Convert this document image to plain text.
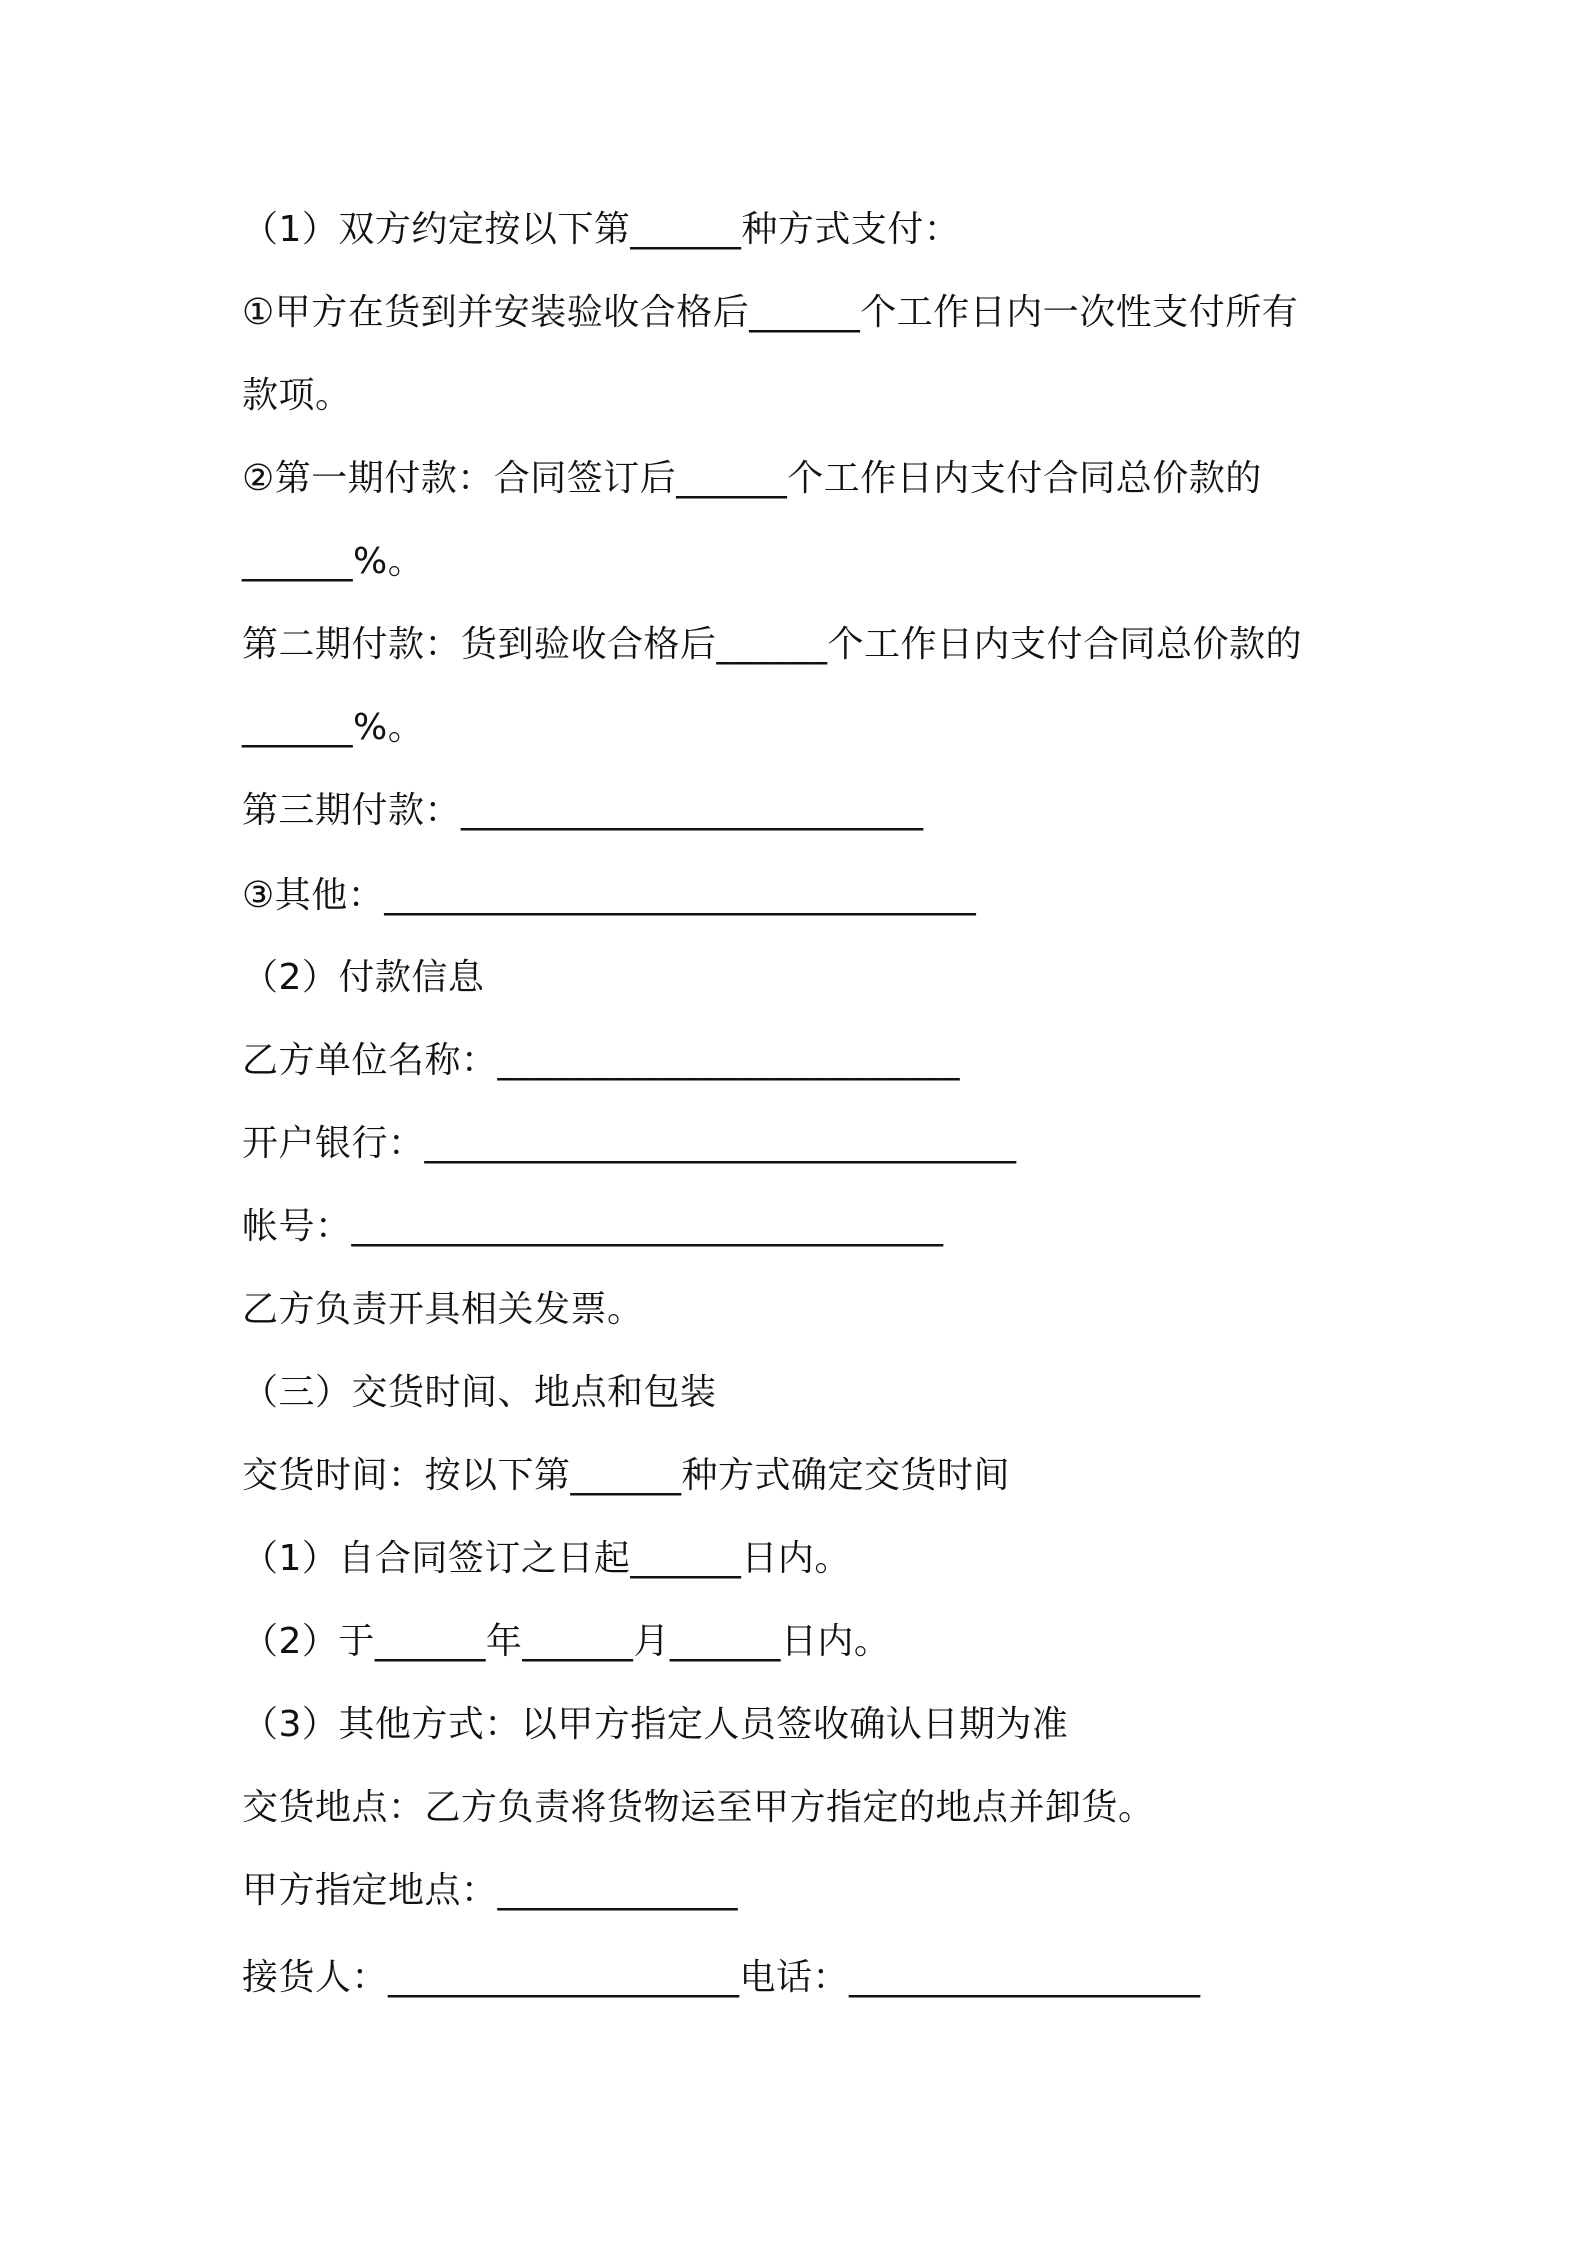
（1）双方约定按以下第______种方式支付：

①甲方在货到并安装验收合格后______个工作日内一次性支付所有

款项。

②第一期付款：合同签订后______个工作日内支付合同总价款的

______%。

第二期付款：货到验收合格后______个工作日内支付合同总价款的

______%。

第三期付款：_________________________

③其他：________________________________

（2）付款信息

乙方单位名称：_________________________

开户银行：________________________________

帐号：________________________________

乙方负责开具相关发票。

（三）交货时间、地点和包装

交货时间：按以下第______种方式确定交货时间

（1）自合同签订之日起______日内。

（2）于______年______月______日内。

（3）其他方式：以甲方指定人员签收确认日期为准

交货地点：乙方负责将货物运至甲方指定的地点并卸货。

甲方指定地点：_____________

接货人：___________________电话：___________________
